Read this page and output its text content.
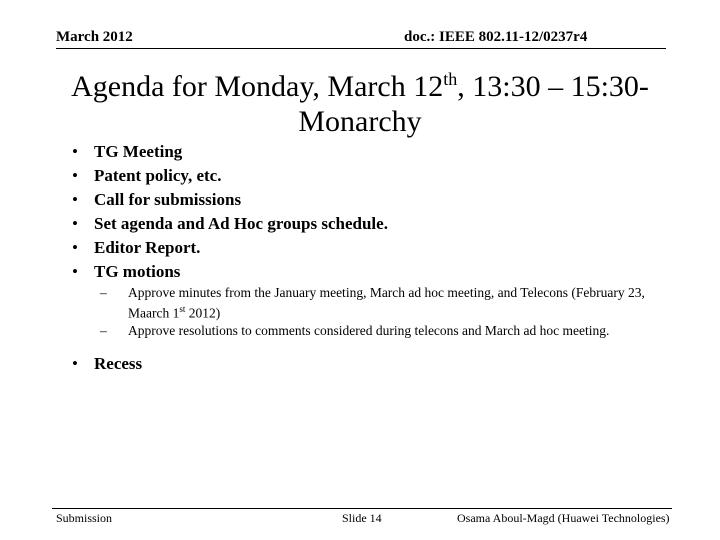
March 2012	doc.: IEEE 802.11-12/0237r4
Agenda for Monday, March 12th, 13:30 – 15:30-
Monarchy
• TG Meeting
• Patent policy, etc.
• Call for submissions
• Set agenda and Ad Hoc groups schedule.
• Editor Report.
• TG motions
– Approve minutes from the January meeting, March ad hoc meeting, and Telecons (February 23, Maarch 1st 2012)
– Approve resolutions to comments considered during telecons and March ad hoc meeting.
• Recess
Submission	Slide 14	Osama Aboul-Magd (Huawei Technologies)
